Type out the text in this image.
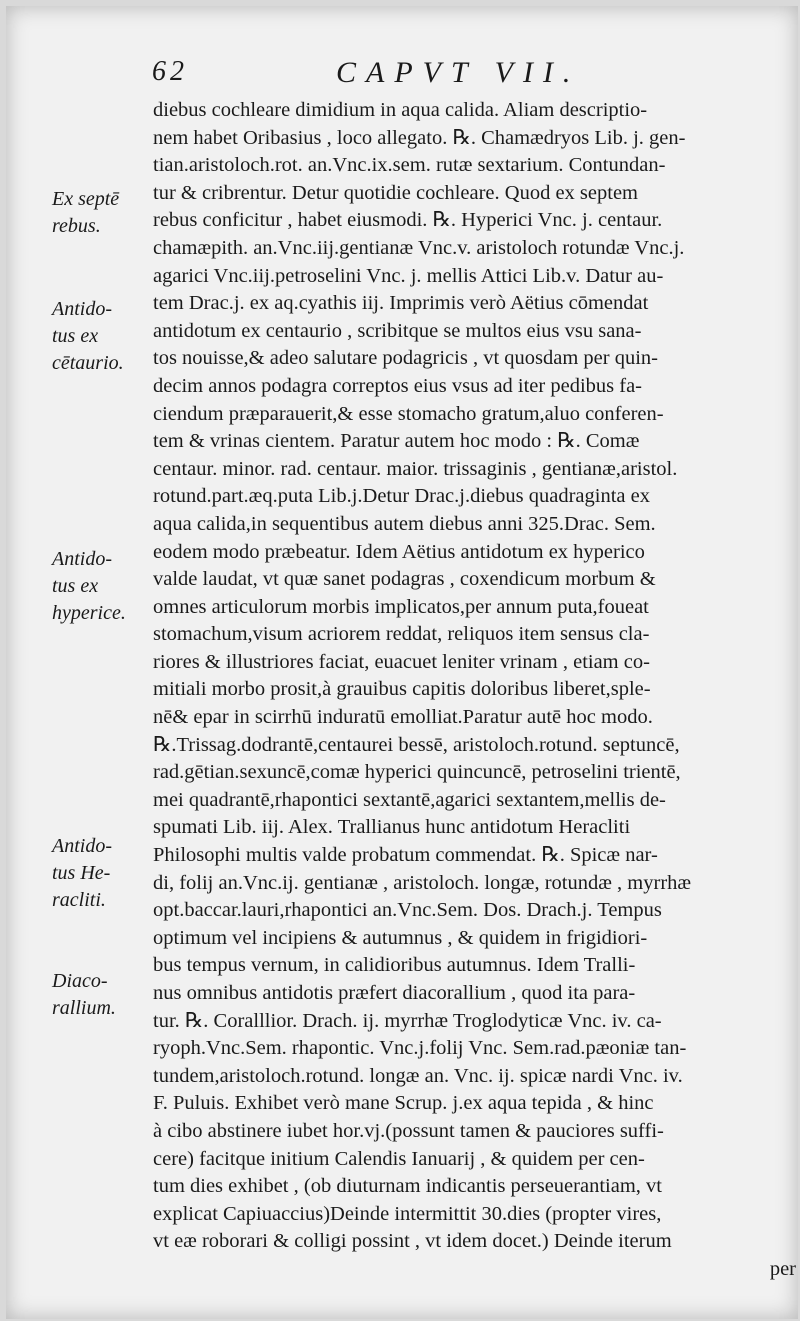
62	CAPVT VII.
Ex septē
rebus.
Antido-
tus ex
cētaurio.
Antido-
tus ex
hyperice.
Antido-
tus He-
racliti.
Diaco-
rallium.
diebus cochleare dimidium in aqua calida. Aliam descriptio-
nem habet Oribasius , loco allegato. ℞. Chamædryos Lib. j. gen-
tian.aristoloch.rot. an.Vnc.ix.sem. rutæ sextarium. Contundan-
tur & cribrentur. Detur quotidie cochleare. Quod ex septem
rebus conficitur , habet eiusmodi. ℞. Hyperici Vnc. j. centaur.
chamæpith. an.Vnc.iij.gentianæ Vnc.v. aristoloch rotundæ Vnc.j.
agarici Vnc.iij.petroselini Vnc. j. mellis Attici Lib.v. Datur au-
tem Drac.j. ex aq.cyathis iij. Imprimis verò Aëtius cōmendat
antidotum ex centaurio , scribitque se multos eius vsu sana-
tos nouisse,& adeo salutare podagricis , vt quosdam per quin-
decim annos podagra correptos eius vsus ad iter pedibus fa-
ciendum præparauerit,& esse stomacho gratum,aluo conferen-
tem & vrinas cientem. Paratur autem hoc modo : ℞. Comæ
centaur. minor. rad. centaur. maior. trissaginis , gentianæ,aristol.
rotund.part.æq.puta Lib.j.Detur Drac.j.diebus quadraginta ex
aqua calida,in sequentibus autem diebus anni 325.Drac. Sem.
eodem modo præbeatur. Idem Aëtius antidotum ex hyperico
valde laudat, vt quæ sanet podagras , coxendicum morbum &
omnes articulorum morbis implicatos,per annum puta,foueat
stomachum,visum acriorem reddat, reliquos item sensus cla-
riores & illustriores faciat, euacuet leniter vrinam , etiam co-
mitiali morbo prosit,à grauibus capitis doloribus liberet,sple-
nē& epar in scirrhū induratū emolliat.Paratur autē hoc modo.
℞.Trissag.dodrantē,centaurei bessē, aristoloch.rotund. septuncē,
rad.gētian.sexuncē,comæ hyperici quincuncē, petroselini trientē,
mei quadrantē,rhapontici sextantē,agarici sextantem,mellis de-
spumati Lib. iij. Alex. Trallianus hunc antidotum Heracliti
Philosophi multis valde probatum commendat. ℞. Spicæ nar-
di, folij an.Vnc.ij. gentianæ , aristoloch. longæ, rotundæ , myrrhæ
opt.baccar.lauri,rhapontici an.Vnc.Sem. Dos. Drach.j. Tempus
optimum vel incipiens & autumnus , & quidem in frigidiori-
bus tempus vernum, in calidioribus autumnus. Idem Tralli-
nus omnibus antidotis præfert diacorallium , quod ita para-
tur. ℞. Coralllior. Drach. ij. myrrhæ Troglodyticæ Vnc. iv. ca-
ryoph.Vnc.Sem. rhapontic. Vnc.j.folij Vnc. Sem.rad.pæoniæ tan-
tundem,aristoloch.rotund. longæ an. Vnc. ij. spicæ nardi Vnc. iv.
F. Puluis. Exhibet verò mane Scrup. j.ex aqua tepida , & hinc
à cibo abstinere iubet hor.vj.(possunt tamen & pauciores suffi-
cere) facitque initium Calendis Ianuarij , & quidem per cen-
tum dies exhibet , (ob diuturnam indicantis perseuerantiam, vt
explicat Capiuaccius)Deinde intermittit 30.dies (propter vires,
vt eæ roborari & colligi possint , vt idem docet.) Deinde iterum
per
